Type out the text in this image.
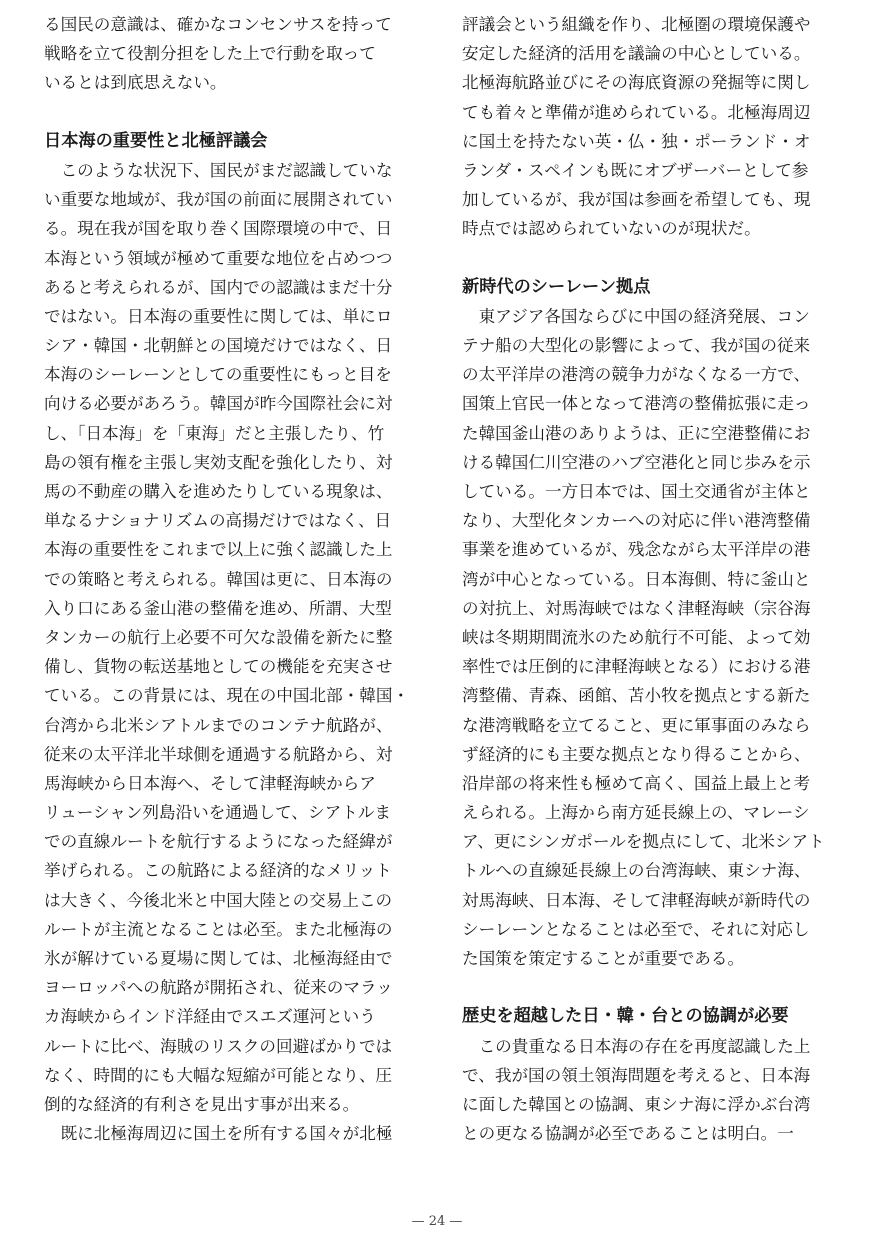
る国民の意識は、確かなコンセンサスを持って
戦略を立て役割分担をした上で行動を取って
いるとは到底思えない。
日本海の重要性と北極評議会
　このような状況下、国民がまだ認識していな
い重要な地域が、我が国の前面に展開されてい
る。現在我が国を取り巻く国際環境の中で、日
本海という領域が極めて重要な地位を占めつつ
あると考えられるが、国内での認識はまだ十分
ではない。日本海の重要性に関しては、単にロ
シア・韓国・北朝鮮との国境だけではなく、日
本海のシーレーンとしての重要性にもっと目を
向ける必要があろう。韓国が昨今国際社会に対
し、「日本海」を「東海」だと主張したり、竹
島の領有権を主張し実効支配を強化したり、対
馬の不動産の購入を進めたりしている現象は、
単なるナショナリズムの高揚だけではなく、日
本海の重要性をこれまで以上に強く認識した上
での策略と考えられる。韓国は更に、日本海の
入り口にある釜山港の整備を進め、所謂、大型
タンカーの航行上必要不可欠な設備を新たに整
備し、貨物の転送基地としての機能を充実させ
ている。この背景には、現在の中国北部・韓国・
台湾から北米シアトルまでのコンテナ航路が、
従来の太平洋北半球側を通過する航路から、対
馬海峡から日本海へ、そして津軽海峡からア
リューシャン列島沿いを通過して、シアトルま
での直線ルートを航行するようになった経緯が
挙げられる。この航路による経済的なメリット
は大きく、今後北米と中国大陸との交易上この
ルートが主流となることは必至。また北極海の
氷が解けている夏場に関しては、北極海経由で
ヨーロッパへの航路が開拓され、従来のマラッ
カ海峡からインド洋経由でスエズ運河という
ルートに比べ、海賊のリスクの回避ばかりでは
なく、時間的にも大幅な短縮が可能となり、圧
倒的な経済的有利さを見出す事が出来る。
　既に北極海周辺に国土を所有する国々が北極
評議会という組織を作り、北極圏の環境保護や
安定した経済的活用を議論の中心としている。
北極海航路並びにその海底資源の発掘等に関し
ても着々と準備が進められている。北極海周辺
に国土を持たない英・仏・独・ポーランド・オ
ランダ・スペインも既にオブザーバーとして参
加しているが、我が国は参画を希望しても、現
時点では認められていないのが現状だ。
新時代のシーレーン拠点
　東アジア各国ならびに中国の経済発展、コン
テナ船の大型化の影響によって、我が国の従来
の太平洋岸の港湾の競争力がなくなる一方で、
国策上官民一体となって港湾の整備拡張に走っ
た韓国釜山港のありようは、正に空港整備にお
ける韓国仁川空港のハブ空港化と同じ歩みを示
している。一方日本では、国土交通省が主体と
なり、大型化タンカーへの対応に伴い港湾整備
事業を進めているが、残念ながら太平洋岸の港
湾が中心となっている。日本海側、特に釜山と
の対抗上、対馬海峡ではなく津軽海峡（宗谷海
峡は冬期期間流氷のため航行不可能、よって効
率性では圧倒的に津軽海峡となる）における港
湾整備、青森、函館、苫小牧を拠点とする新た
な港湾戦略を立てること、更に軍事面のみなら
ず経済的にも主要な拠点となり得ることから、
沿岸部の将来性も極めて高く、国益上最上と考
えられる。上海から南方延長線上の、マレーシ
ア、更にシンガポールを拠点にして、北米シアト
トルへの直線延長線上の台湾海峡、東シナ海、
対馬海峡、日本海、そして津軽海峡が新時代の
シーレーンとなることは必至で、それに対応し
た国策を策定することが重要である。
歴史を超越した日・韓・台との協調が必要
　この貴重なる日本海の存在を再度認識した上
で、我が国の領土領海問題を考えると、日本海
に面した韓国との協調、東シナ海に浮かぶ台湾
との更なる協調が必至であることは明白。一
— 24 —
